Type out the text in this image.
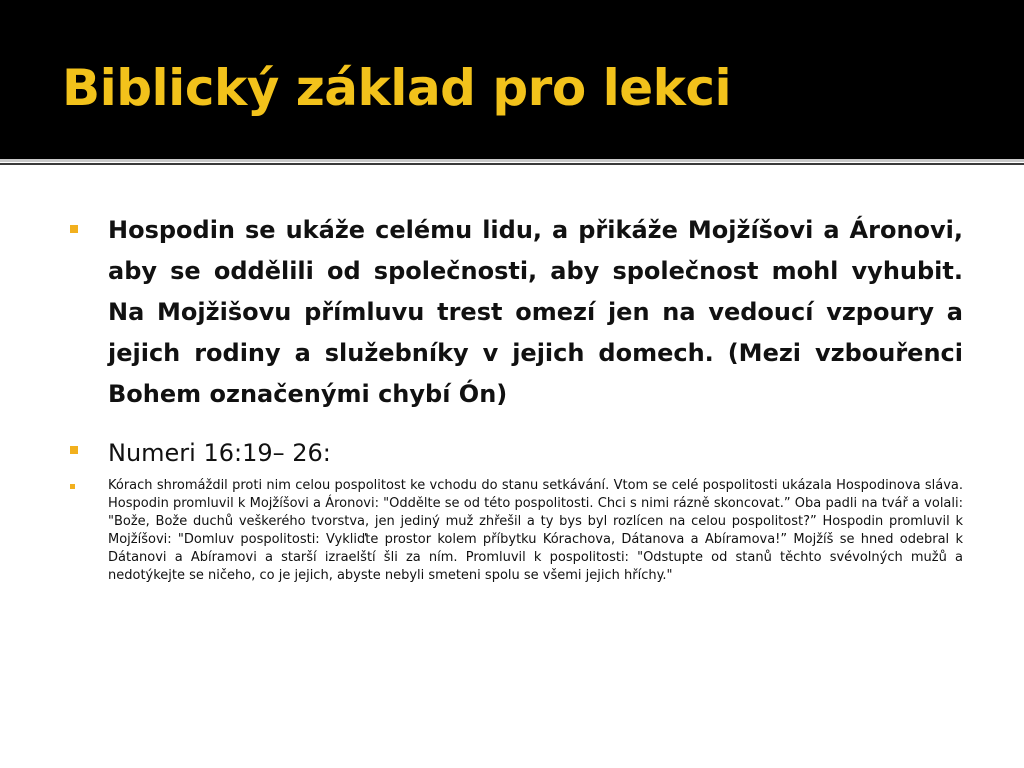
Biblický základ pro lekci
Hospodin se ukáže celému lidu, a přikáže Mojžíšovi a Áronovi, aby se oddělili od společnosti, aby společnost mohl vyhubit. Na Mojžišovu přímluvu trest omezí jen na vedoucí vzpoury a jejich rodiny a služebníky v jejich domech. (Mezi vzbouřenci Bohem označenými chybí Ón)
Numeri 16:19– 26:
Kórach shromáždil proti nim celou pospolitost ke vchodu do stanu setkávání. Vtom se celé pospolitosti ukázala Hospodinova sláva. Hospodin promluvil k Mojžíšovi a Áronovi: "Oddělte se od této pospolitosti. Chci s nimi rázně skoncovat.” Oba padli na tvář a volali: "Bože, Bože duchů veškerého tvorstva, jen jediný muž zhřešil a ty bys byl rozlícen na celou pospolitost?” Hospodin promluvil k Mojžíšovi: "Domluv pospolitosti: Vykliďte prostor kolem příbytku Kórachova, Dátanova a Abíramova!” Mojžíš se hned odebral k Dátanovi a Abíramovi a starší izraelští šli za ním. Promluvil k pospolitosti: "Odstupte od stanů těchto svévolných mužů a nedotýkejte se ničeho, co je jejich, abyste nebyli smeteni spolu se všemi jejich hříchy."
